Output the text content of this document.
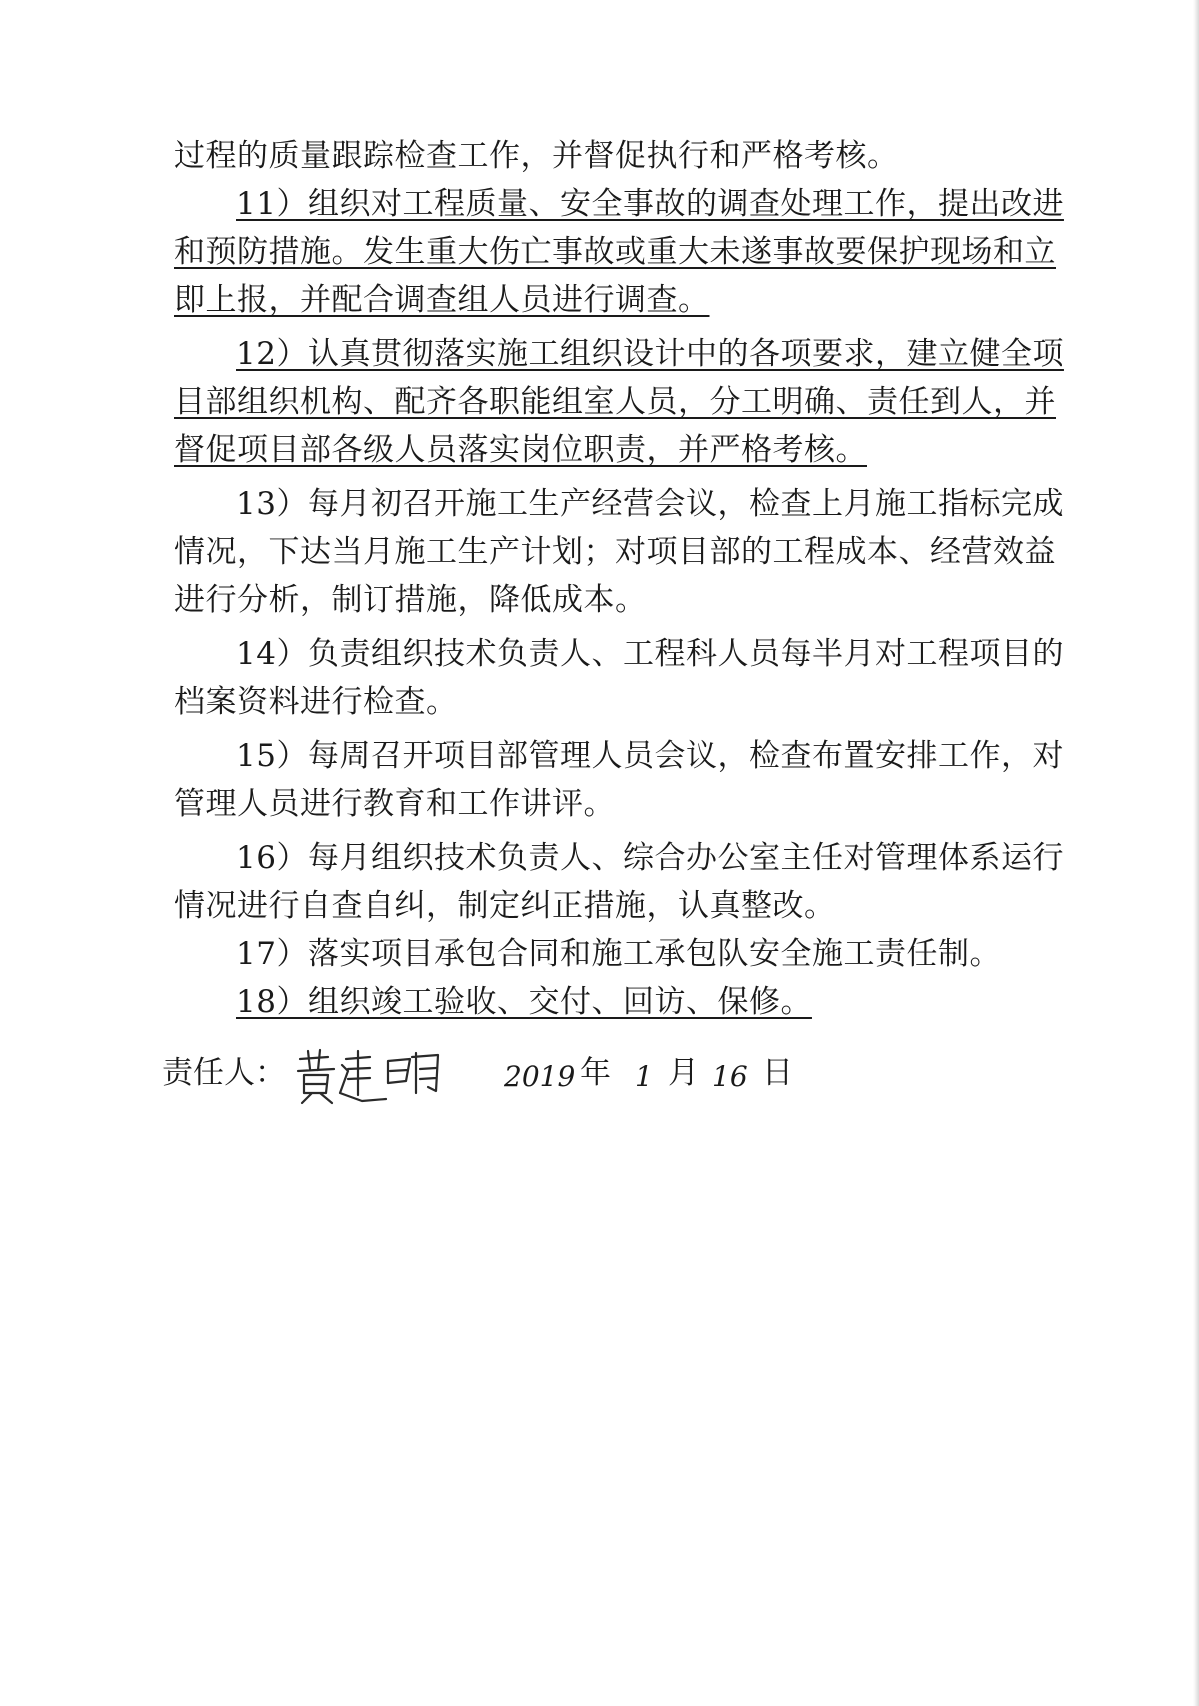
过程的质量跟踪检查工作，并督促执行和严格考核。
11）组织对工程质量、安全事故的调查处理工作，提出改进
和预防措施。发生重大伤亡事故或重大未遂事故要保护现场和立
即上报，并配合调查组人员进行调查。
12）认真贯彻落实施工组织设计中的各项要求，建立健全项
目部组织机构、配齐各职能组室人员，分工明确、责任到人，并
督促项目部各级人员落实岗位职责，并严格考核。
13）每月初召开施工生产经营会议，检查上月施工指标完成
情况，下达当月施工生产计划；对项目部的工程成本、经营效益
进行分析，制订措施，降低成本。
14）负责组织技术负责人、工程科人员每半月对工程项目的
档案资料进行检查。
15）每周召开项目部管理人员会议，检查布置安排工作，对
管理人员进行教育和工作讲评。
16）每月组织技术负责人、综合办公室主任对管理体系运行
情况进行自查自纠，制定纠正措施，认真整改。
17）落实项目承包合同和施工承包队安全施工责任制。
18）组织竣工验收、交付、回访、保修。
责任人：	2019 年 1 月 16 日
